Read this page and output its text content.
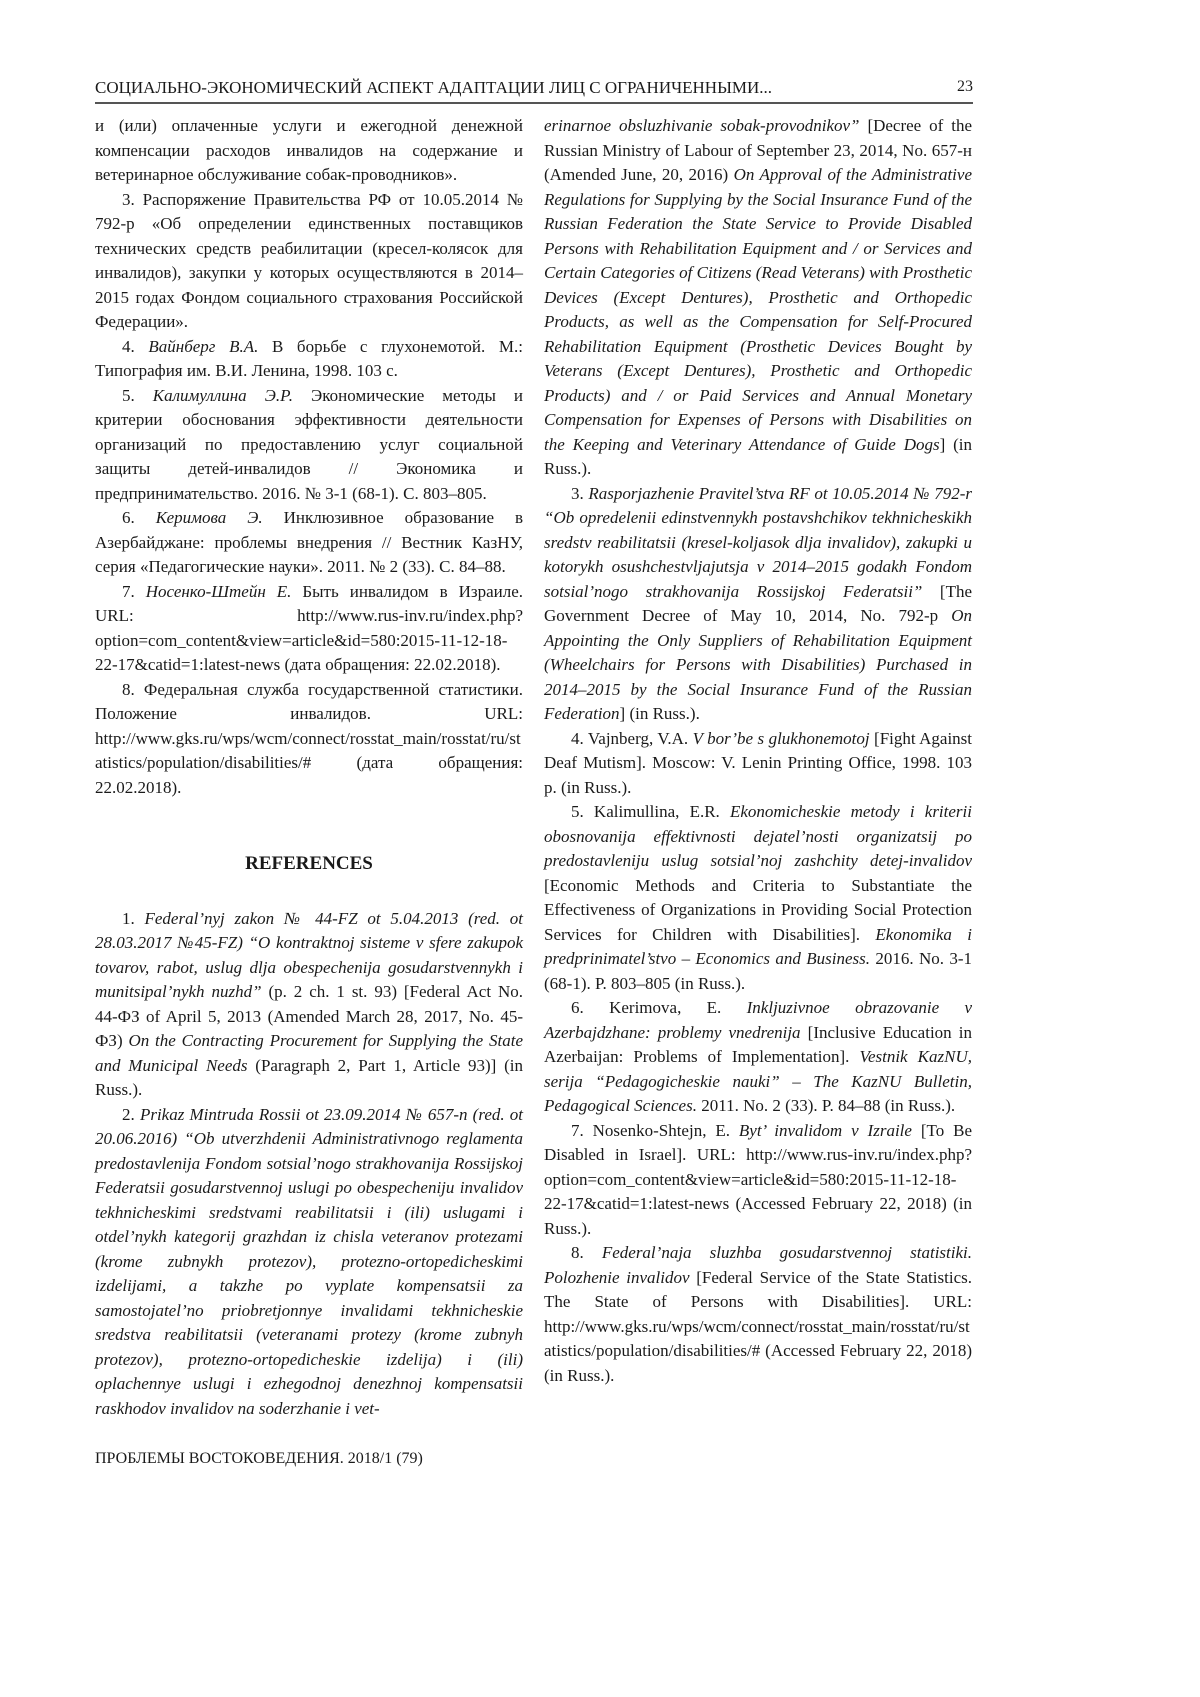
СОЦИАЛЬНО-ЭКОНОМИЧЕСКИЙ АСПЕКТ АДАПТАЦИИ ЛИЦ С ОГРАНИЧЕННЫМИ...	23

и (или) оплаченные услуги и ежегодной денежной компенсации расходов инвалидов на содержание и ветеринарное обслуживание собак-проводников».

3. Распоряжение Правительства РФ от 10.05.2014 № 792-р «Об определении единственных поставщиков технических средств реабилитации (кресел-колясок для инвалидов), закупки у которых осуществляются в 2014–2015 годах Фондом социального страхования Российской Федерации».

4. Вайнберг В.А. В борьбе с глухонемотой. М.: Типография им. В.И. Ленина, 1998. 103 с.

5. Калимуллина Э.Р. Экономические методы и критерии обоснования эффективности деятельности организаций по предоставлению услуг социальной защиты детей-инвалидов // Экономика и предпринимательство. 2016. № 3-1 (68-1). С. 803–805.

6. Керимова Э. Инклюзивное образование в Азербайджане: проблемы внедрения // Вестник КазНУ, серия «Педагогические науки». 2011. № 2 (33). С. 84–88.

7. Носенко-Штейн Е. Быть инвалидом в Израиле. URL: http://www.rus-inv.ru/index.php?option=com_content&view=article&id=580:2015-11-12-18-22-17&catid=1:latest-news (дата обращения: 22.02.2018).

8. Федеральная служба государственной статистики. Положение инвалидов. URL: http://www.gks.ru/wps/wcm/connect/rosstat_main/rosstat/ru/statistics/population/disabilities/# (дата обращения: 22.02.2018).

REFERENCES

1. Federal’nyj zakon № 44-FZ ot 5.04.2013 (red. ot 28.03.2017 №45-FZ) “O kontraktnoj sisteme v sfere zakupok tovarov, rabot, uslug dlja obespechenija gosudarstvennykh i munitsipal’nykh nuzhd” (p. 2 ch. 1 st. 93) [Federal Act No. 44-ФЗ of April 5, 2013 (Amended March 28, 2017, No. 45-ФЗ) On the Contracting Procurement for Supplying the State and Municipal Needs (Paragraph 2, Part 1, Article 93)] (in Russ.).

2. Prikaz Mintruda Rossii ot 23.09.2014 № 657-n (red. ot 20.06.2016) “Ob utverzhdenii Administrativnogo reglamenta predostavlenija Fondom sotsial’nogo strakhovanija Rossijskoj Federatsii gosudarstvennoj uslugi po obespecheniju invalidov tekhnicheskimi sredstvami reabilitatsii i (ili) uslugami i otdel’nykh kategorij grazhdan iz chisla veteranov protezami (krome zubnykh protezov), protezno-ortopedicheskimi izdelijami, a takzhe po vyplate kompensatsii za samostojatel’no priobretjonnye invalidami tekhnicheskie sredstva reabilitatsii (veteranami protezy (krome zubnyh protezov), protezno-ortopedicheskie izdelija) i (ili) oplachennye uslugi i ezhegodnoj denezhnoj kompensatsii raskhodov invalidov na soderzhanie i vet-

erinarnoe obsluzhivanie sobak-provodnikov” [Decree of the Russian Ministry of Labour of September 23, 2014, No. 657-н (Amended June, 20, 2016) On Approval of the Administrative Regulations for Supplying by the Social Insurance Fund of the Russian Federation the State Service to Provide Disabled Persons with Rehabilitation Equipment and / or Services and Certain Categories of Citizens (Read Veterans) with Prosthetic Devices (Except Dentures), Prosthetic and Orthopedic Products, as well as the Compensation for Self-Procured Rehabilitation Equipment (Prosthetic Devices Bought by Veterans (Except Dentures), Prosthetic and Orthopedic Products) and / or Paid Services and Annual Monetary Compensation for Expenses of Persons with Disabilities on the Keeping and Veterinary Attendance of Guide Dogs] (in Russ.).

3. Rasporjazhenie Pravitel’stva RF ot 10.05.2014 № 792-r “Ob opredelenii edinstvennykh postavshchikov tekhnicheskikh sredstv reabilitatsii (kresel-koljasok dlja invalidov), zakupki u kotorykh osushchestvljajutsja v 2014–2015 godakh Fondom sotsial’nogo strakhovanija Rossijskoj Federatsii” [The Government Decree of May 10, 2014, No. 792-р On Appointing the Only Suppliers of Rehabilitation Equipment (Wheelchairs for Persons with Disabilities) Purchased in 2014–2015 by the Social Insurance Fund of the Russian Federation] (in Russ.).

4. Vajnberg, V.A. V bor’be s glukhonemotoj [Fight Against Deaf Mutism]. Moscow: V. Lenin Printing Office, 1998. 103 p. (in Russ.).

5. Kalimullina, E.R. Ekonomicheskie metody i kriterii obosnovanija effektivnosti dejatel’nosti organizatsij po predostavleniju uslug sotsial’noj zashchity detej-invalidov [Economic Methods and Criteria to Substantiate the Effectiveness of Organizations in Providing Social Protection Services for Children with Disabilities]. Ekonomika i predprinimatel’stvo – Economics and Business. 2016. No. 3-1 (68-1). P. 803–805 (in Russ.).

6. Kerimova, E. Inkljuzivnoe obrazovanie v Azerbajdzhane: problemy vnedrenija [Inclusive Education in Azerbaijan: Problems of Implementation]. Vestnik KazNU, serija “Pedagogicheskie nauki” – The KazNU Bulletin, Pedagogical Sciences. 2011. No. 2 (33). P. 84–88 (in Russ.).

7. Nosenko-Shtejn, E. Byt’ invalidom v Izraile [To Be Disabled in Israel]. URL: http://www.rus-inv.ru/index.php?option=com_content&view=article&id=580:2015-11-12-18-22-17&catid=1:latest-news (Accessed February 22, 2018) (in Russ.).

8. Federal’naja sluzhba gosudarstvennoj statistiki. Polozhenie invalidov [Federal Service of the State Statistics. The State of Persons with Disabilities]. URL: http://www.gks.ru/wps/wcm/connect/rosstat_main/rosstat/ru/statistics/population/disabilities/# (Accessed February 22, 2018) (in Russ.).

ПРОБЛЕМЫ ВОСТОКОВЕДЕНИЯ. 2018/1 (79)
